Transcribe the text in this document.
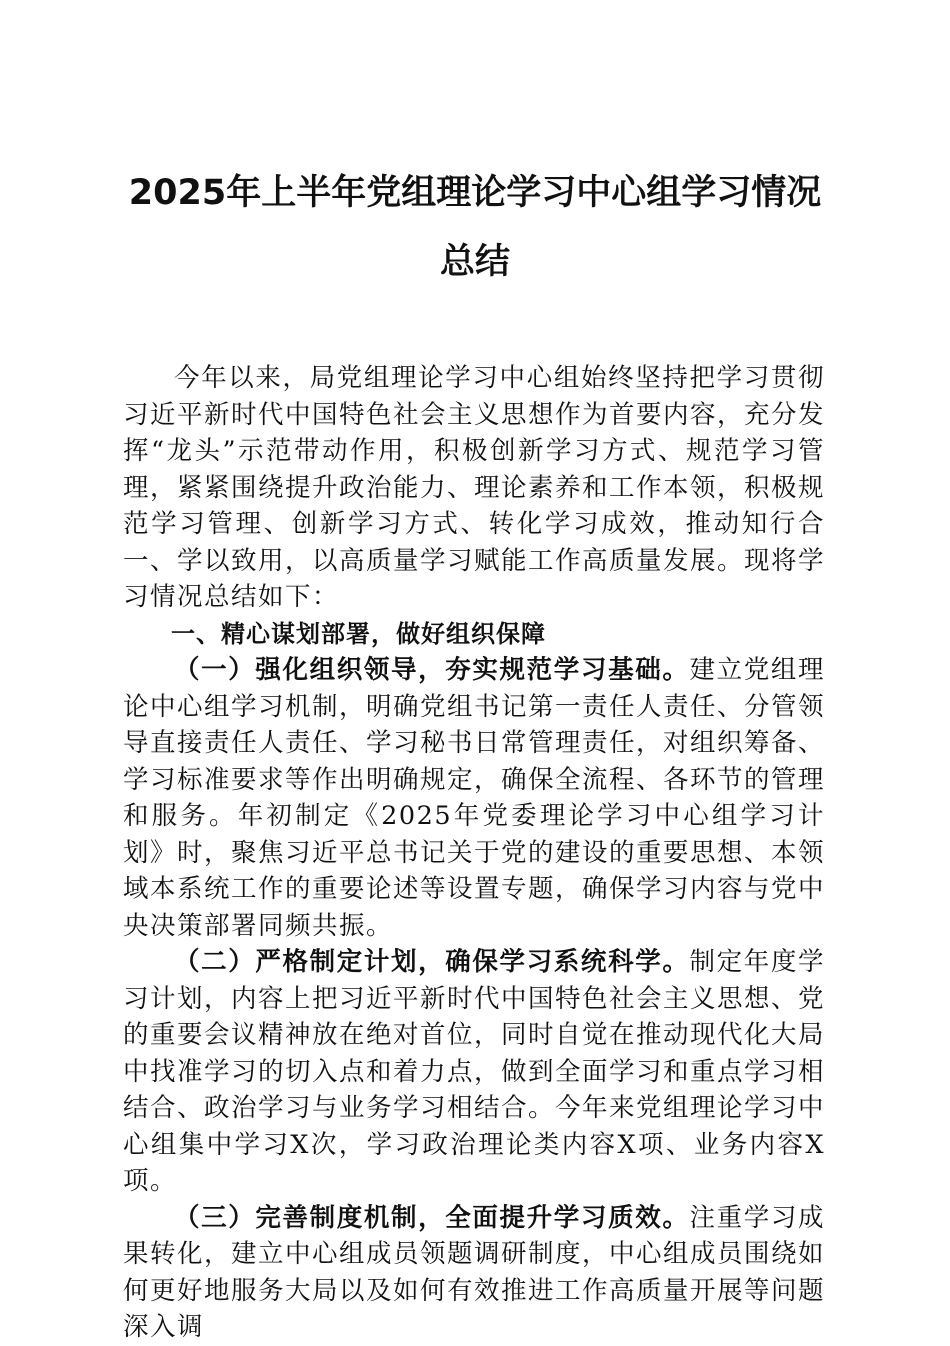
2025年上半年党组理论学习中心组学习情况
总结

今年以来，局党组理论学习中心组始终坚持把学习贯彻习近平新时代中国特色社会主义思想作为首要内容，充分发挥“龙头”示范带动作用，积极创新学习方式、规范学习管理，紧紧围绕提升政治能力、理论素养和工作本领，积极规范学习管理、创新学习方式、转化学习成效，推动知行合一、学以致用，以高质量学习赋能工作高质量发展。现将学习情况总结如下：

一、精心谋划部署，做好组织保障

（一）强化组织领导，夯实规范学习基础。建立党组理论中心组学习机制，明确党组书记第一责任人责任、分管领导直接责任人责任、学习秘书日常管理责任，对组织筹备、学习标准要求等作出明确规定，确保全流程、各环节的管理和服务。年初制定《2025年党委理论学习中心组学习计划》时，聚焦习近平总书记关于党的建设的重要思想、本领域本系统工作的重要论述等设置专题，确保学习内容与党中央决策部署同频共振。

（二）严格制定计划，确保学习系统科学。制定年度学习计划，内容上把习近平新时代中国特色社会主义思想、党的重要会议精神放在绝对首位，同时自觉在推动现代化大局中找准学习的切入点和着力点，做到全面学习和重点学习相结合、政治学习与业务学习相结合。今年来党组理论学习中心组集中学习X次，学习政治理论类内容X项、业务内容X项。

（三）完善制度机制，全面提升学习质效。注重学习成果转化，建立中心组成员领题调研制度，中心组成员围绕如何更好地服务大局以及如何有效推进工作高质量开展等问题深入调
